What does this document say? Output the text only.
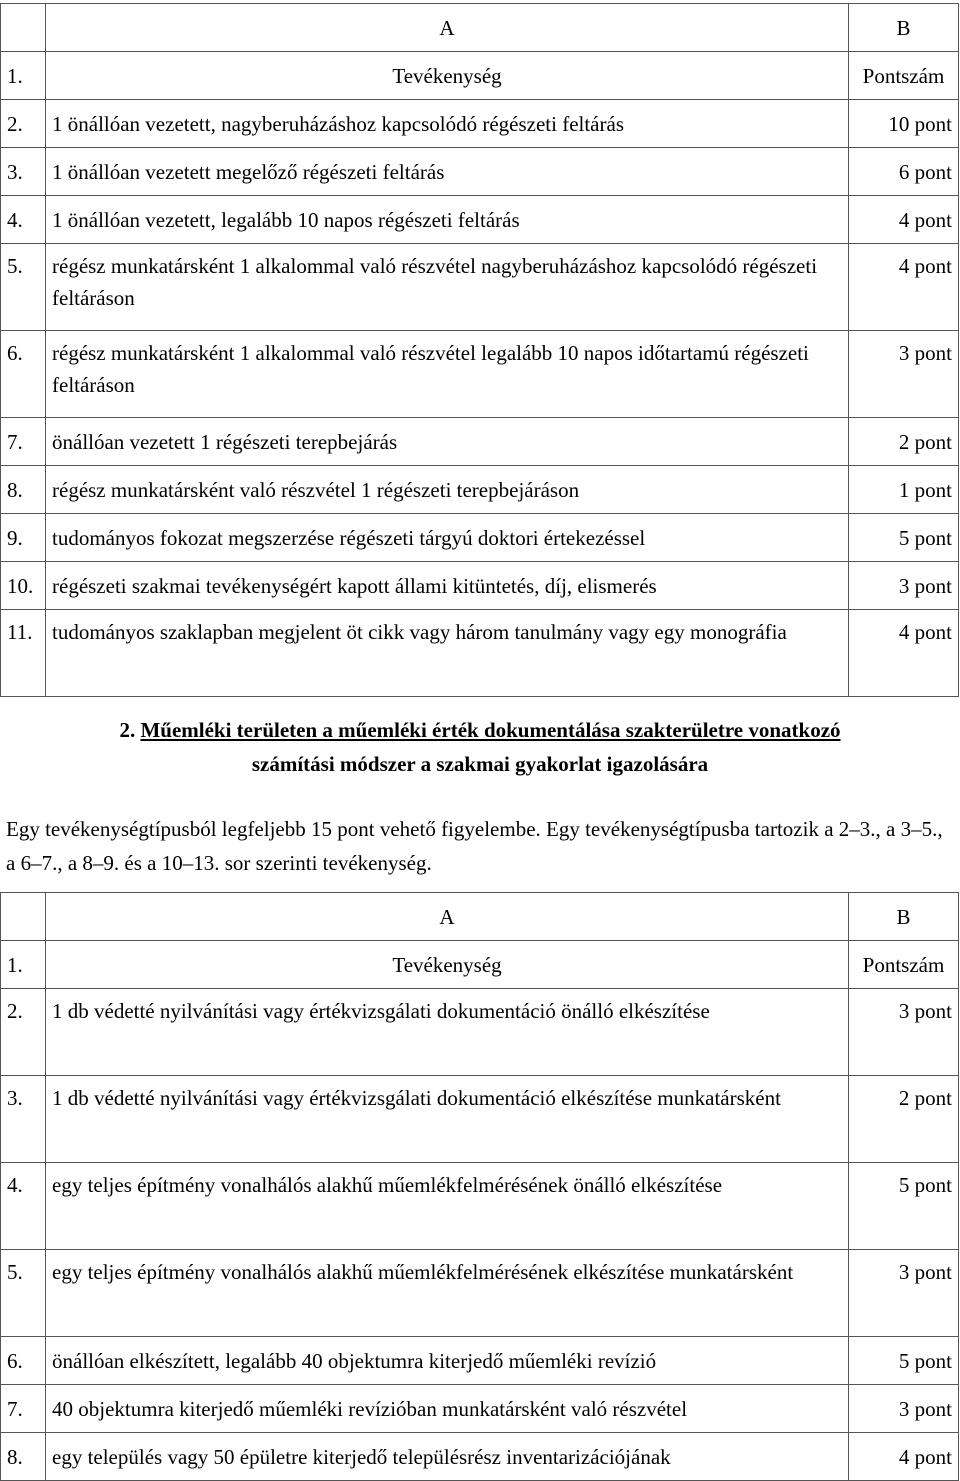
	A	B
1.	Tevékenység	Pontszám
2.	1 önállóan vezetett, nagyberuházáshoz kapcsolódó régészeti feltárás	10 pont
3.	1 önállóan vezetett megelőző régészeti feltárás	6 pont
4.	1 önállóan vezetett, legalább 10 napos régészeti feltárás	4 pont
5.	régész munkatársként 1 alkalommal való részvétel nagyberuházáshoz kapcsolódó régészeti feltáráson	4 pont
6.	régész munkatársként 1 alkalommal való részvétel legalább 10 napos időtartamú régészeti feltáráson	3 pont
7.	önállóan vezetett 1 régészeti terepbejárás	2 pont
8.	régész munkatársként való részvétel 1 régészeti terepbejáráson	1 pont
9.	tudományos fokozat megszerzése régészeti tárgyú doktori értekezéssel	5 pont
10.	régészeti szakmai tevékenységért kapott állami kitüntetés, díj, elismerés	3 pont
11.	tudományos szaklapban megjelent öt cikk vagy három tanulmány vagy egy monográfia	4 pont
2. Műemléki területen a műemléki érték dokumentálása szakterületre vonatkozó
számítási módszer a szakmai gyakorlat igazolására
Egy tevékenységtípusból legfeljebb 15 pont vehető figyelembe. Egy tevékenységtípusba tartozik a 2–3., a 3–5., a 6–7., a 8–9. és a 10–13. sor szerinti tevékenység.
	A	B
1.	Tevékenység	Pontszám
2.	1 db védetté nyilvánítási vagy értékvizsgálati dokumentáció önálló elkészítése	3 pont
3.	1 db védetté nyilvánítási vagy értékvizsgálati dokumentáció elkészítése munkatársként	2 pont
4.	egy teljes építmény vonalhálós alakhű műemlékfelmérésének önálló elkészítése	5 pont
5.	egy teljes építmény vonalhálós alakhű műemlékfelmérésének elkészítése munkatársként	3 pont
6.	önállóan elkészített, legalább 40 objektumra kiterjedő műemléki revízió	5 pont
7.	40 objektumra kiterjedő műemléki revízióban munkatársként való részvétel	3 pont
8.	egy település vagy 50 épületre kiterjedő településrész inventarizációjának	4 pont
